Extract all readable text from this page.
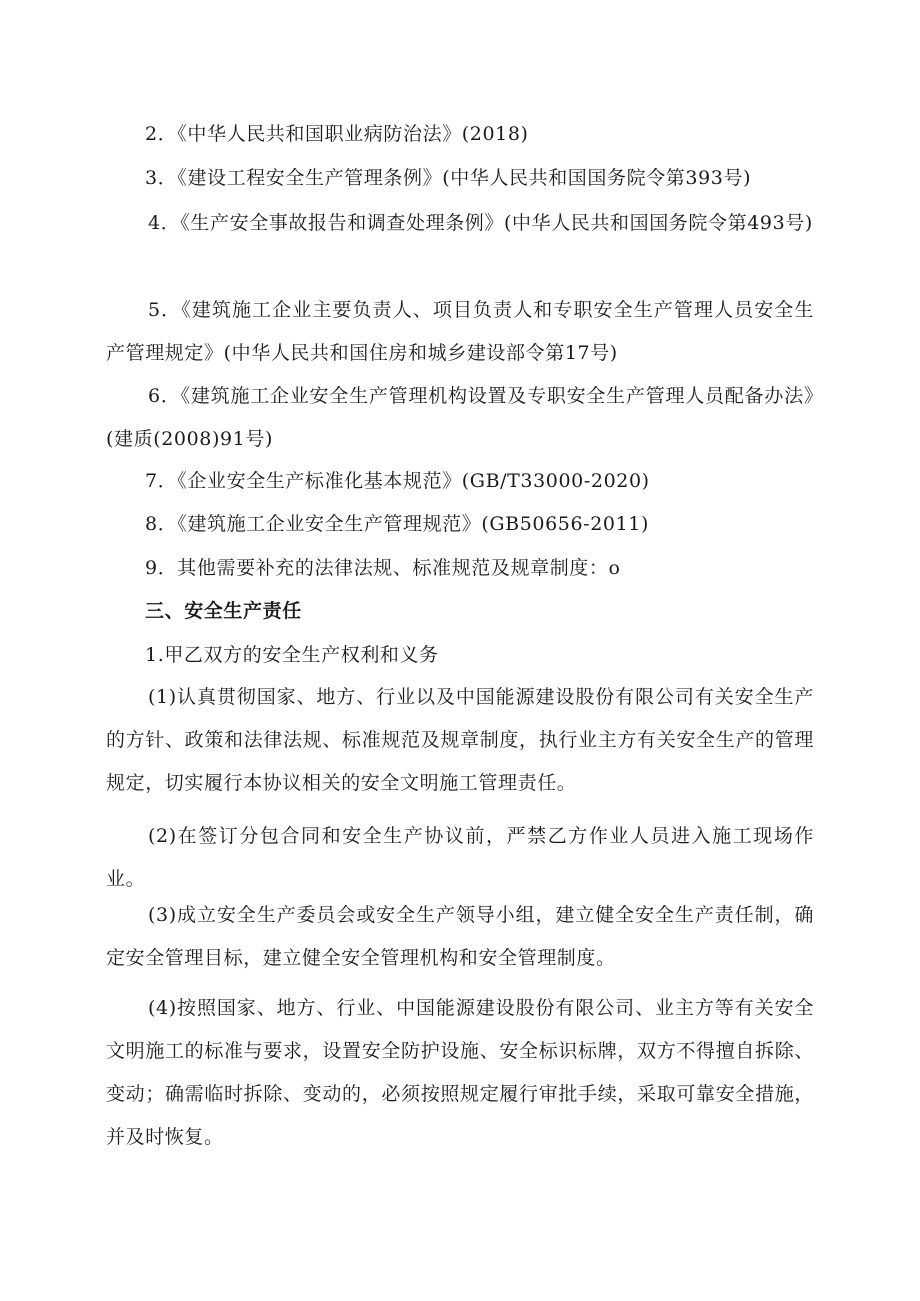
2．《中华人民共和国职业病防治法》(2018)
3．《建设工程安全生产管理条例》(中华人民共和国国务院令第393号)
4．《生产安全事故报告和调查处理条例》(中华人民共和国国务院令第493号)
5．《建筑施工企业主要负责人、项目负责人和专职安全生产管理人员安全生产管理规定》(中华人民共和国住房和城乡建设部令第17号)
6．《建筑施工企业安全生产管理机构设置及专职安全生产管理人员配备办法》(建质(2008)91号)
7．《企业安全生产标准化基本规范》(GB/T33000-2020)
8．《建筑施工企业安全生产管理规范》(GB50656-2011)
9．其他需要补充的法律法规、标准规范及规章制度：o
三、安全生产责任
1.甲乙双方的安全生产权利和义务
(1)认真贯彻国家、地方、行业以及中国能源建设股份有限公司有关安全生产的方针、政策和法律法规、标准规范及规章制度，执行业主方有关安全生产的管理规定，切实履行本协议相关的安全文明施工管理责任。
(2)在签订分包合同和安全生产协议前，严禁乙方作业人员进入施工现场作业。
(3)成立安全生产委员会或安全生产领导小组，建立健全安全生产责任制，确定安全管理目标，建立健全安全管理机构和安全管理制度。
(4)按照国家、地方、行业、中国能源建设股份有限公司、业主方等有关安全文明施工的标准与要求，设置安全防护设施、安全标识标牌，双方不得擅自拆除、变动；确需临时拆除、变动的，必须按照规定履行审批手续，采取可靠安全措施，并及时恢复。
